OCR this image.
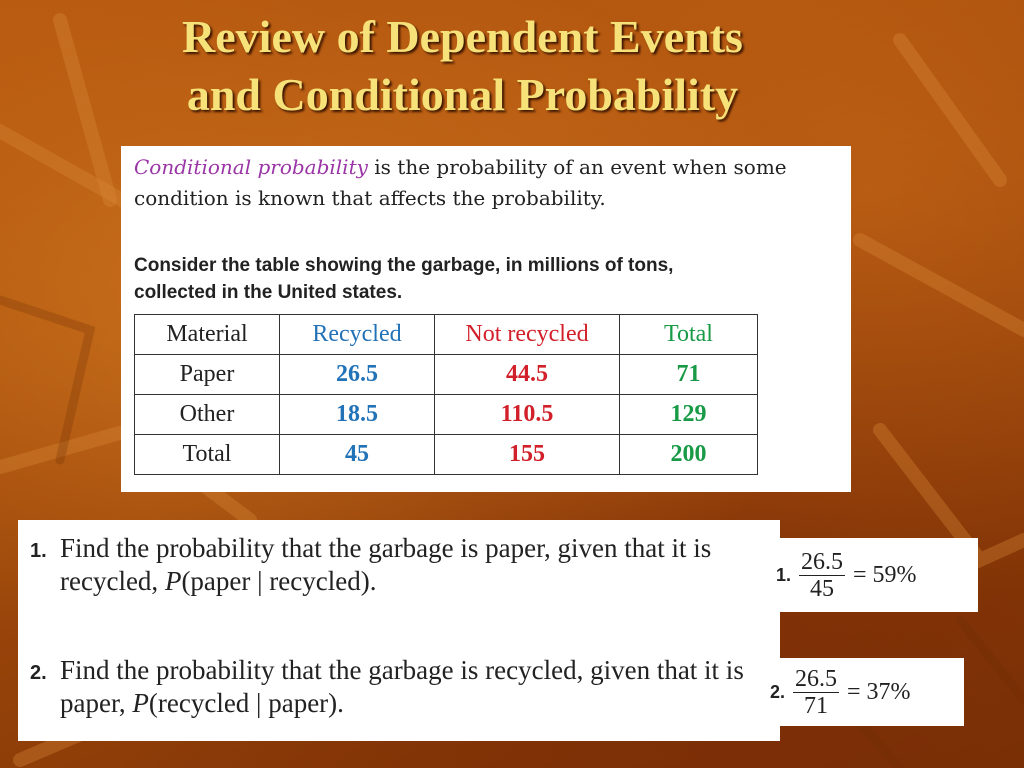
Review of Dependent Events
and Conditional Probability
Conditional probability is the probability of an event when some condition is known that affects the probability.
Consider the table showing the garbage, in millions of tons, collected in the United states.
Material	Recycled	Not recycled	Total
Paper	26.5	44.5	71
Other	18.5	110.5	129
Total	45	155	200
1. Find the probability that the garbage is paper, given that it is recycled, P(paper | recycled).
2. Find the probability that the garbage is recycled, given that it is paper, P(recycled | paper).
1. $\frac{26.5}{45} = 59\%$
2. $\frac{26.5}{71} = 37\%$
